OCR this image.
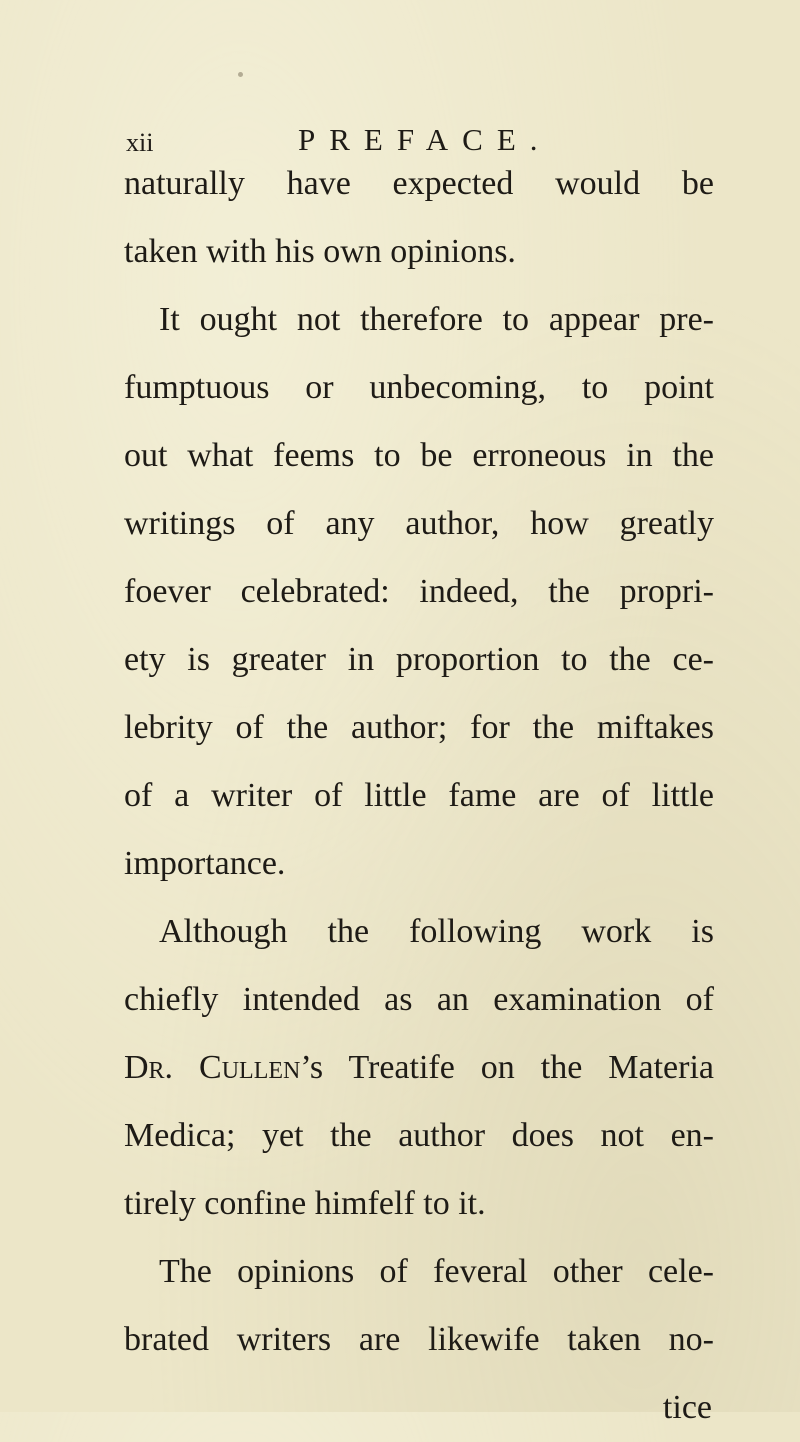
xii	PREFACE.
naturally have expected would be
taken with his own opinions.
It ought not therefore to appear pre-
fumptuous or unbecoming, to point
out what feems to be erroneous in the
writings of any author, how greatly
foever celebrated: indeed, the propri-
ety is greater in proportion to the ce-
lebrity of the author; for the miftakes
of a writer of little fame are of little
importance.
Although the following work is
chiefly intended as an examination of
Dr. Cullen’s Treatife on the Materia
Medica; yet the author does not en-
tirely confine himfelf to it.
The opinions of feveral other cele-
brated writers are likewife taken no-
tice
